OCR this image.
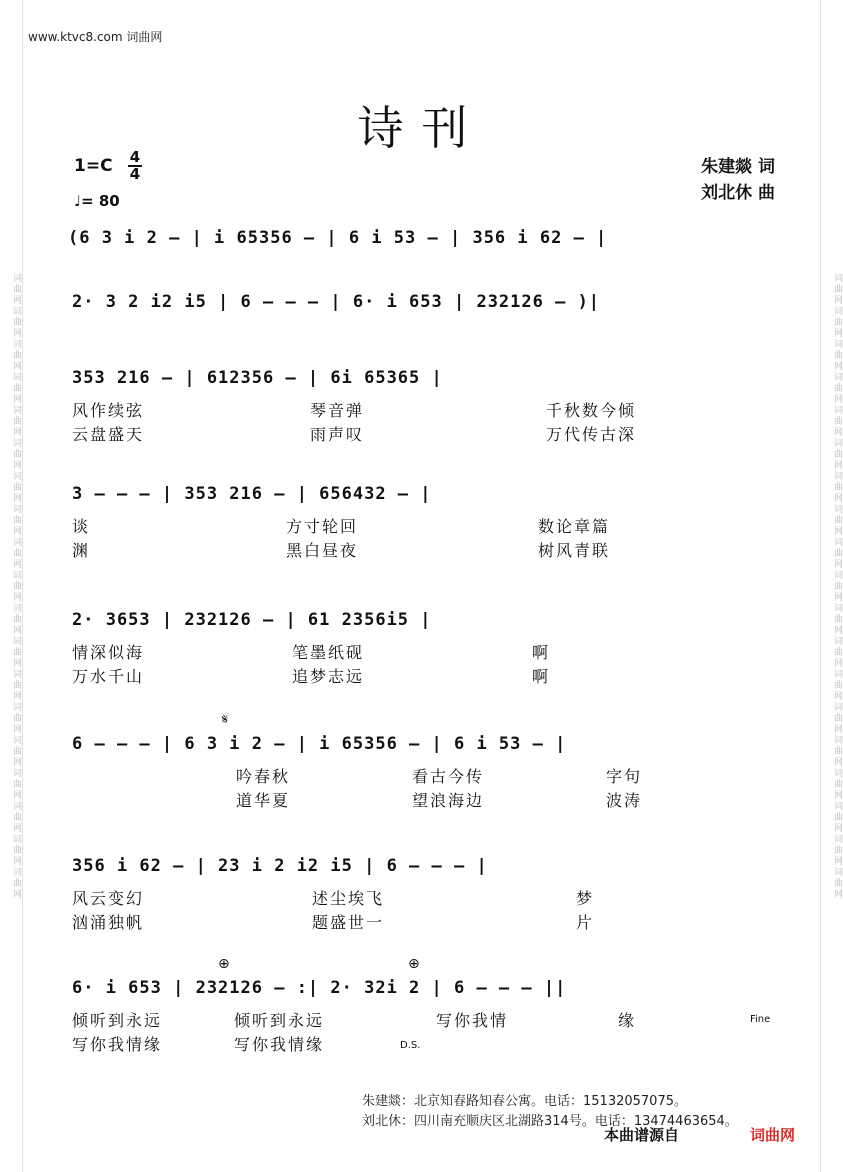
词曲网词曲网词曲网词曲网词曲网词曲网词曲网词曲网词曲网词曲网词曲网词曲网词曲网词曲网词曲网词曲网词曲网词曲网词曲网
词曲网词曲网词曲网词曲网词曲网词曲网词曲网词曲网词曲网词曲网词曲网词曲网词曲网词曲网词曲网词曲网词曲网词曲网词曲网
www.ktvc8.com 词曲网
诗刊
1=C 4
4
♩= 80
朱建燚 词
刘北休 曲
(6 3 i 2 – | i 65356 – | 6 i 53 – | 356 i 62 – |
2· 3 2 i2 i5 | 6 – – – | 6· i 653 | 232126 – )|
353 216 – | 612356 – | 6i 65365 |
风作续弦	琴音弹	千秋数今倾
云盘盛天	雨声叹	万代传古深
3 – – – | 353 216 – | 656432 – |
谈	方寸轮回	数论章篇
渊	黑白昼夜	树风青联
2· 3653 | 232126 – | 61 2356i5 |
情深似海	笔墨纸砚	啊
万水千山	追梦志远	啊
𝄋
6 – – – | 6 3 i 2 – | i 65356 – | 6 i 53 – |
吟春秋	看古今传	字句
道华夏	望浪海边	波涛
356 i 62 – | 23 i 2 i2 i5 | 6 – – – |
风云变幻	述尘埃飞	梦
汹涌独帆	题盛世一	片
⊕	⊕
6· i 653 | 232126 – :| 2· 32i 2 | 6 – – – ||
倾听到永远	倾听到永远	写你我情	缘	Fine
写你我情缘	写你我情缘	D.S.
朱建燚：北京知春路知春公寓。电话：15132057075。
刘北休：四川南充顺庆区北湖路314号。电话：13474463654。
本曲谱源自	词曲网
